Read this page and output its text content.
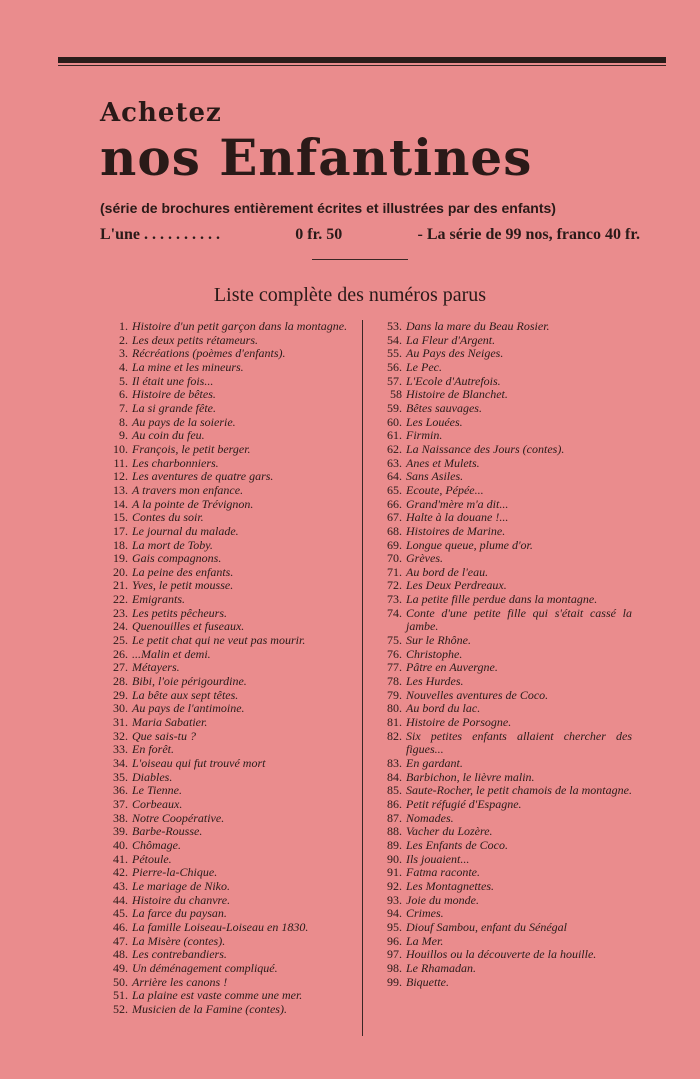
Achetez
nos Enfantines
(série de brochures entièrement écrites et illustrées par des enfants)
L'une . . . . . . . . . .	0 fr. 50	- La série de 99 nos, franco 40 fr.
Liste complète des numéros parus
1. Histoire d'un petit garçon dans la montagne.
2. Les deux petits rétameurs.
3. Récréations (poèmes d'enfants).
4. La mine et les mineurs.
5. Il était une fois...
6. Histoire de bêtes.
7. La si grande fête.
8. Au pays de la soierie.
9. Au coin du feu.
10. François, le petit berger.
11. Les charbonniers.
12. Les aventures de quatre gars.
13. A travers mon enfance.
14. A la pointe de Trévignon.
15. Contes du soir.
17. Le journal du malade.
18. La mort de Toby.
19. Gais compagnons.
20. La peine des enfants.
21. Yves, le petit mousse.
22. Emigrants.
23. Les petits pêcheurs.
24. Quenouilles et fuseaux.
25. Le petit chat qui ne veut pas mourir.
26. ...Malin et demi.
27. Métayers.
28. Bibi, l'oie périgourdine.
29. La bête aux sept têtes.
30. Au pays de l'antimoine.
31. Maria Sabatier.
32. Que sais-tu ?
33. En forêt.
34. L'oiseau qui fut trouvé mort
35. Diables.
36. Le Tienne.
37. Corbeaux.
38. Notre Coopérative.
39. Barbe-Rousse.
40. Chômage.
41. Pétoule.
42. Pierre-la-Chique.
43. Le mariage de Niko.
44. Histoire du chanvre.
45. La farce du paysan.
46. La famille Loiseau-Loiseau en 1830.
47. La Misère (contes).
48. Les contrebandiers.
49. Un déménagement compliqué.
50. Arrière les canons !
51. La plaine est vaste comme une mer.
52. Musicien de la Famine (contes).
53. Dans la mare du Beau Rosier.
54. La Fleur d'Argent.
55. Au Pays des Neiges.
56. Le Pec.
57. L'Ecole d'Autrefois.
58 Histoire de Blanchet.
59. Bêtes sauvages.
60. Les Louées.
61. Firmin.
62. La Naissance des Jours (contes).
63. Anes et Mulets.
64. Sans Asiles.
65. Ecoute, Pépée...
66. Grand'mère m'a dit...
67. Halte à la douane !...
68. Histoires de Marine.
69. Longue queue, plume d'or.
70. Grèves.
71. Au bord de l'eau.
72. Les Deux Perdreaux.
73. La petite fille perdue dans la montagne.
74. Conte d'une petite fille qui s'était cassé la jambe.
75. Sur le Rhône.
76. Christophe.
77. Pâtre en Auvergne.
78. Les Hurdes.
79. Nouvelles aventures de Coco.
80. Au bord du lac.
81. Histoire de Porsogne.
82. Six petites enfants allaient chercher des figues...
83. En gardant.
84. Barbichon, le lièvre malin.
85. Saute-Rocher, le petit chamois de la montagne.
86. Petit réfugié d'Espagne.
87. Nomades.
88. Vacher du Lozère.
89. Les Enfants de Coco.
90. Ils jouaient...
91. Fatma raconte.
92. Les Montagnettes.
93. Joie du monde.
94. Crimes.
95. Diouf Sambou, enfant du Sénégal
96. La Mer.
97. Houillos ou la découverte de la houille.
98. Le Rhamadan.
99. Biquette.
